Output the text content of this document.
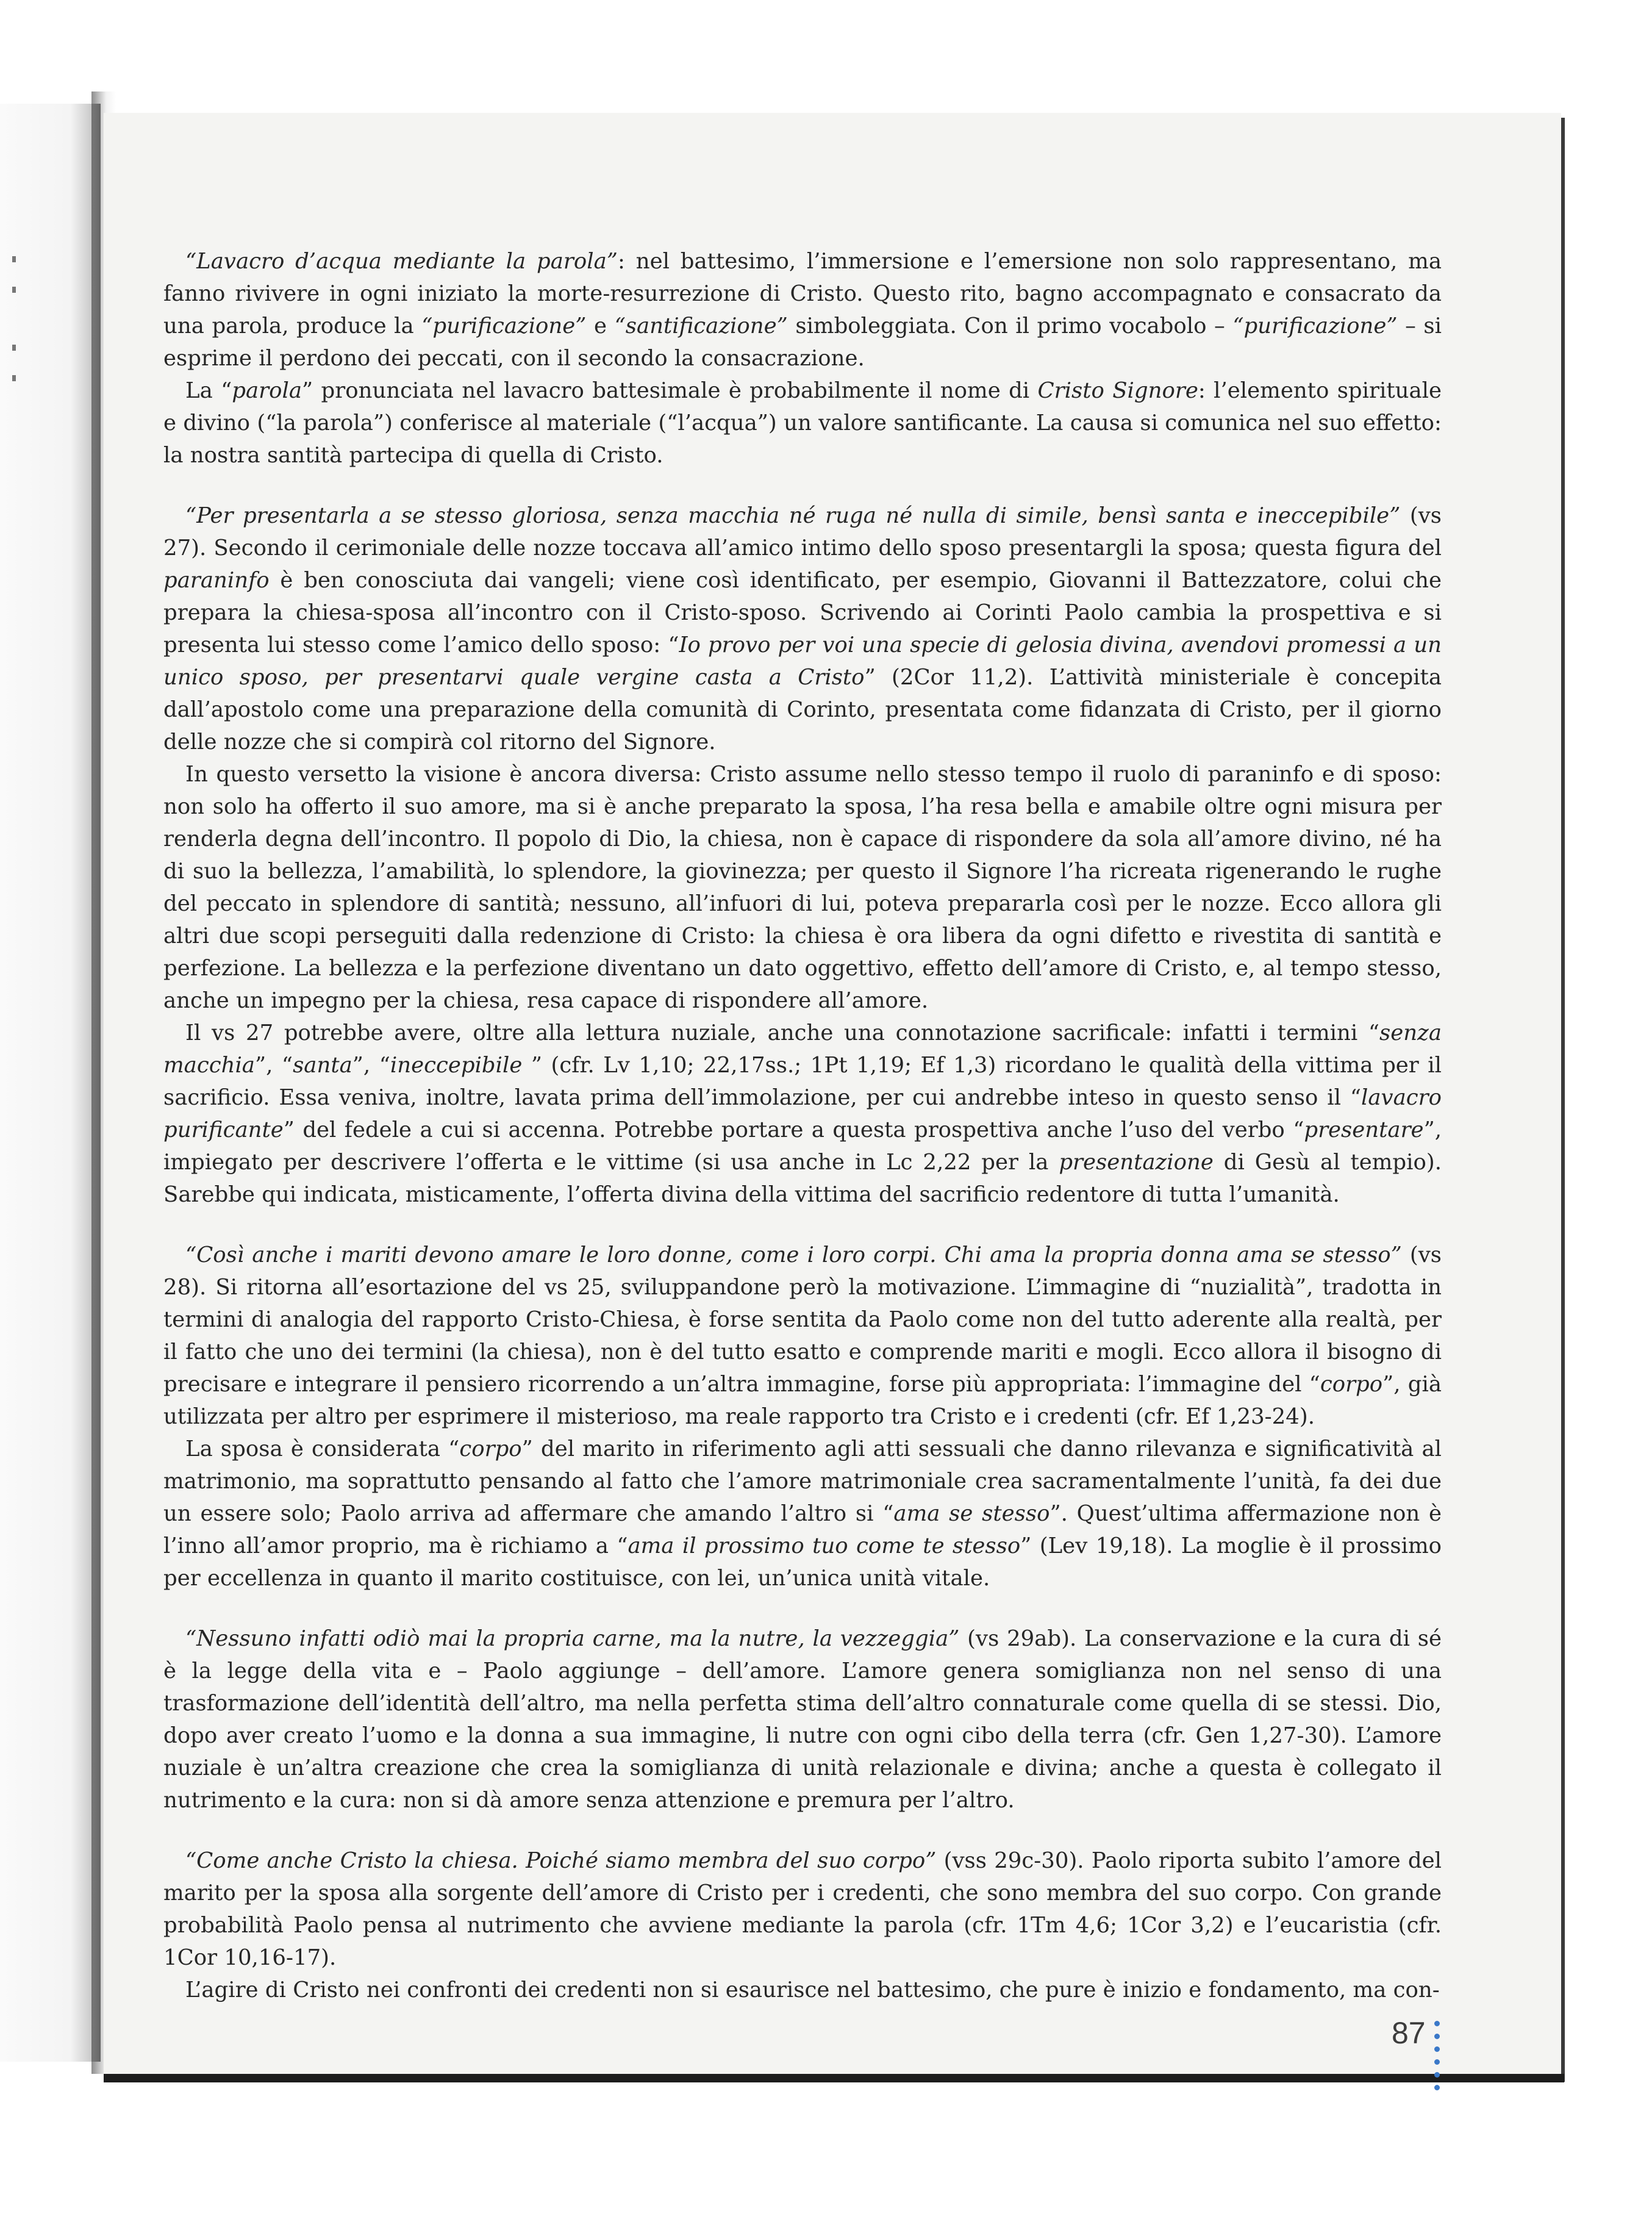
“Lavacro d’acqua mediante la parola”: nel battesimo, l’immersione e l’emersione non solo rappresentano, ma fanno rivivere in ogni iniziato la morte-resurrezione di Cristo. Questo rito, bagno accompagnato e consacrato da una parola, produce la “purificazione” e “santificazione” simboleggiata. Con il primo vocabolo – “purificazione” – si esprime il perdono dei peccati, con il secondo la consacrazione.

La “parola” pronunciata nel lavacro battesimale è probabilmente il nome di Cristo Signore: l’elemento spirituale e divino (“la parola”) conferisce al materiale (“l’acqua”) un valore santificante. La causa si comunica nel suo effetto: la nostra santità partecipa di quella di Cristo.

“Per presentarla a se stesso gloriosa, senza macchia né ruga né nulla di simile, bensì santa e ineccepibile” (vs 27). Secondo il cerimoniale delle nozze toccava all’amico intimo dello sposo presentargli la sposa; questa figura del paraninfo è ben conosciuta dai vangeli; viene così identificato, per esempio, Giovanni il Battezzatore, colui che prepara la chiesa-sposa all’incontro con il Cristo-sposo. Scrivendo ai Corinti Paolo cambia la prospettiva e si presenta lui stesso come l’amico dello sposo: “Io provo per voi una specie di gelosia divina, avendovi promessi a un unico sposo, per presentarvi quale vergine casta a Cristo” (2Cor 11,2). L’attività ministeriale è concepita dall’apostolo come una preparazione della comunità di Corinto, presentata come fidanzata di Cristo, per il giorno delle nozze che si compirà col ritorno del Signore.

In questo versetto la visione è ancora diversa: Cristo assume nello stesso tempo il ruolo di paraninfo e di sposo: non solo ha offerto il suo amore, ma si è anche preparato la sposa, l’ha resa bella e amabile oltre ogni misura per renderla degna dell’incontro. Il popolo di Dio, la chiesa, non è capace di rispondere da sola all’amore divino, né ha di suo la bellezza, l’amabilità, lo splendore, la giovinezza; per questo il Signore l’ha ricreata rigenerando le rughe del peccato in splendore di santità; nessuno, all’infuori di lui, poteva prepararla così per le nozze. Ecco allora gli altri due scopi perseguiti dalla redenzione di Cristo: la chiesa è ora libera da ogni difetto e rivestita di santità e perfezione. La bellezza e la perfezione diventano un dato oggettivo, effetto dell’amore di Cristo, e, al tempo stesso, anche un impegno per la chiesa, resa capace di rispondere all’amore.

Il vs 27 potrebbe avere, oltre alla lettura nuziale, anche una connotazione sacrificale: infatti i termini “senza macchia”, “santa”, “ineccepibile ” (cfr. Lv 1,10; 22,17ss.; 1Pt 1,19; Ef 1,3) ricordano le qualità della vittima per il sacrificio. Essa veniva, inoltre, lavata prima dell’immolazione, per cui andrebbe inteso in questo senso il “lavacro purificante” del fedele a cui si accenna. Potrebbe portare a questa prospettiva anche l’uso del verbo “presentare”, impiegato per descrivere l’offerta e le vittime (si usa anche in Lc 2,22 per la presentazione di Gesù al tempio). Sarebbe qui indicata, misticamente, l’offerta divina della vittima del sacrificio redentore di tutta l’umanità.

“Così anche i mariti devono amare le loro donne, come i loro corpi. Chi ama la propria donna ama se stesso” (vs 28). Si ritorna all’esortazione del vs 25, sviluppandone però la motivazione. L’immagine di “nuzialità”, tradotta in termini di analogia del rapporto Cristo-Chiesa, è forse sentita da Paolo come non del tutto aderente alla realtà, per il fatto che uno dei termini (la chiesa), non è del tutto esatto e comprende mariti e mogli. Ecco allora il bisogno di precisare e integrare il pensiero ricorrendo a un’altra immagine, forse più appropriata: l’immagine del “corpo”, già utilizzata per altro per esprimere il misterioso, ma reale rapporto tra Cristo e i credenti (cfr. Ef 1,23-24).

La sposa è considerata “corpo” del marito in riferimento agli atti sessuali che danno rilevanza e significatività al matrimonio, ma soprattutto pensando al fatto che l’amore matrimoniale crea sacramentalmente l’unità, fa dei due un essere solo; Paolo arriva ad affermare che amando l’altro si “ama se stesso”. Quest’ultima affermazione non è l’inno all’amor proprio, ma è richiamo a “ama il prossimo tuo come te stesso” (Lev 19,18). La moglie è il prossimo per eccellenza in quanto il marito costituisce, con lei, un’unica unità vitale.

“Nessuno infatti odiò mai la propria carne, ma la nutre, la vezzeggia” (vs 29ab). La conservazione e la cura di sé è la legge della vita e – Paolo aggiunge – dell’amore. L’amore genera somiglianza non nel senso di una trasformazione dell’identità dell’altro, ma nella perfetta stima dell’altro connaturale come quella di se stessi. Dio, dopo aver creato l’uomo e la donna a sua immagine, li nutre con ogni cibo della terra (cfr. Gen 1,27-30). L’amore nuziale è un’altra creazione che crea la somiglianza di unità relazionale e divina; anche a questa è collegato il nutrimento e la cura: non si dà amore senza attenzione e premura per l’altro.

“Come anche Cristo la chiesa. Poiché siamo membra del suo corpo” (vss 29c-30). Paolo riporta subito l’amore del marito per la sposa alla sorgente dell’amore di Cristo per i credenti, che sono membra del suo corpo. Con grande probabilità Paolo pensa al nutrimento che avviene mediante la parola (cfr. 1Tm 4,6; 1Cor 3,2) e l’eucaristia (cfr. 1Cor 10,16-17).

L’agire di Cristo nei confronti dei credenti non si esaurisce nel battesimo, che pure è inizio e fondamento, ma con-

87
